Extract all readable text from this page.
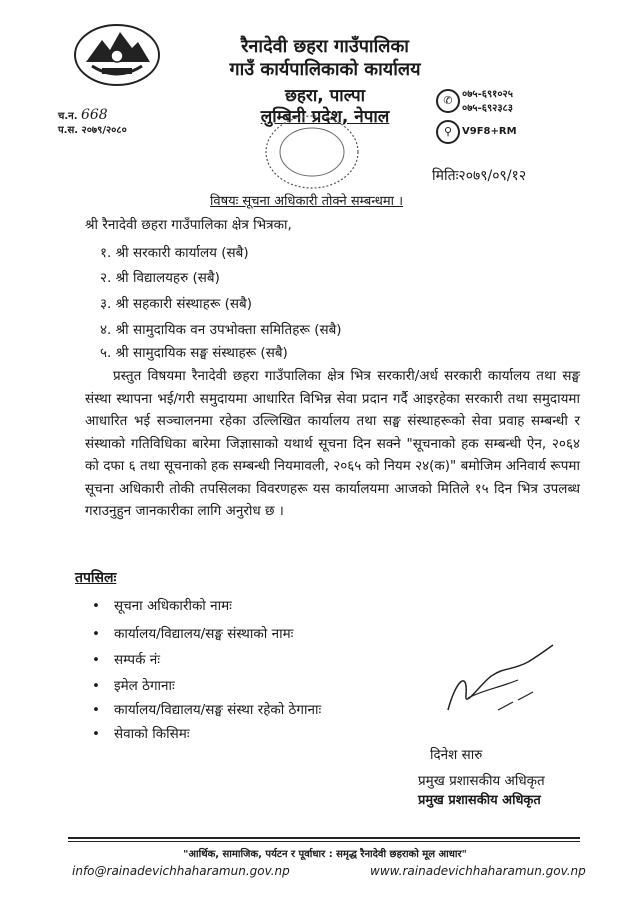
रैनादेवी छहरा गाउँपालिका
गाउँ कार्यपालिकाको कार्यालय
छहरा, पाल्पा
लुम्बिनी प्रदेश, नेपाल
च.न. 668
प.स. २०७९/२०८०
✆ ०७५-६९१०२५
०७५-६९२३८३
⚲ V9F8+RM
मितिः२०७९/०९/१२
विषयः सूचना अधिकारी तोक्ने सम्बन्धमा ।
श्री रैनादेवी छहरा गाउँपालिका क्षेत्र भित्रका,
१. श्री सरकारी कार्यालय (सबै)
२. श्री विद्यालयहरु (सबै)
३. श्री सहकारी संस्थाहरू (सबै)
४. श्री सामुदायिक वन उपभोक्ता समितिहरू (सबै)
५. श्री सामुदायिक सङ्घ संस्थाहरू (सबै)
प्रस्तुत विषयमा रैनादेवी छहरा गाउँपालिका क्षेत्र भित्र सरकारी/अर्ध सरकारी कार्यालय तथा सङ्घ संस्था स्थापना भई/गरी समुदायमा आधारित विभिन्न सेवा प्रदान गर्दै आइरहेका सरकारी तथा समुदायमा आधारित भई सञ्चालनमा रहेका उल्लिखित कार्यालय तथा सङ्घ संस्थाहरूको सेवा प्रवाह सम्बन्धी र संस्थाको गतिविधिका बारेमा जिज्ञासाको यथार्थ सूचना दिन सक्ने "सूचनाको हक सम्बन्धी ऐन, २०६४ को दफा ६ तथा सूचनाको हक सम्बन्धी नियमावली, २०६५ को नियम २४(क)" बमोजिम अनिवार्य रूपमा सूचना अधिकारी तोकी तपसिलका विवरणहरू यस कार्यालयमा आजको मितिले १५ दिन भित्र उपलब्ध गराउनुहुन जानकारीका लागि अनुरोध छ ।
तपसिलः
• सूचना अधिकारीको नामः
• कार्यालय/विद्यालय/सङ्घ संस्थाको नामः
• सम्पर्क नंः
• इमेल ठेगानाः
• कार्यालय/विद्यालय/सङ्घ संस्था रहेको ठेगानाः
• सेवाको किसिमः
दिनेश सारु
प्रमुख प्रशासकीय अधिकृत
प्रमुख प्रशासकीय अधिकृत
"आर्थिक, सामाजिक, पर्यटन र पूर्वाधार : समृद्ध रैनादेवी छहराको मूल आधार"
info@rainadevichhaharamun.gov.np	www.rainadevichhaharamun.gov.np
